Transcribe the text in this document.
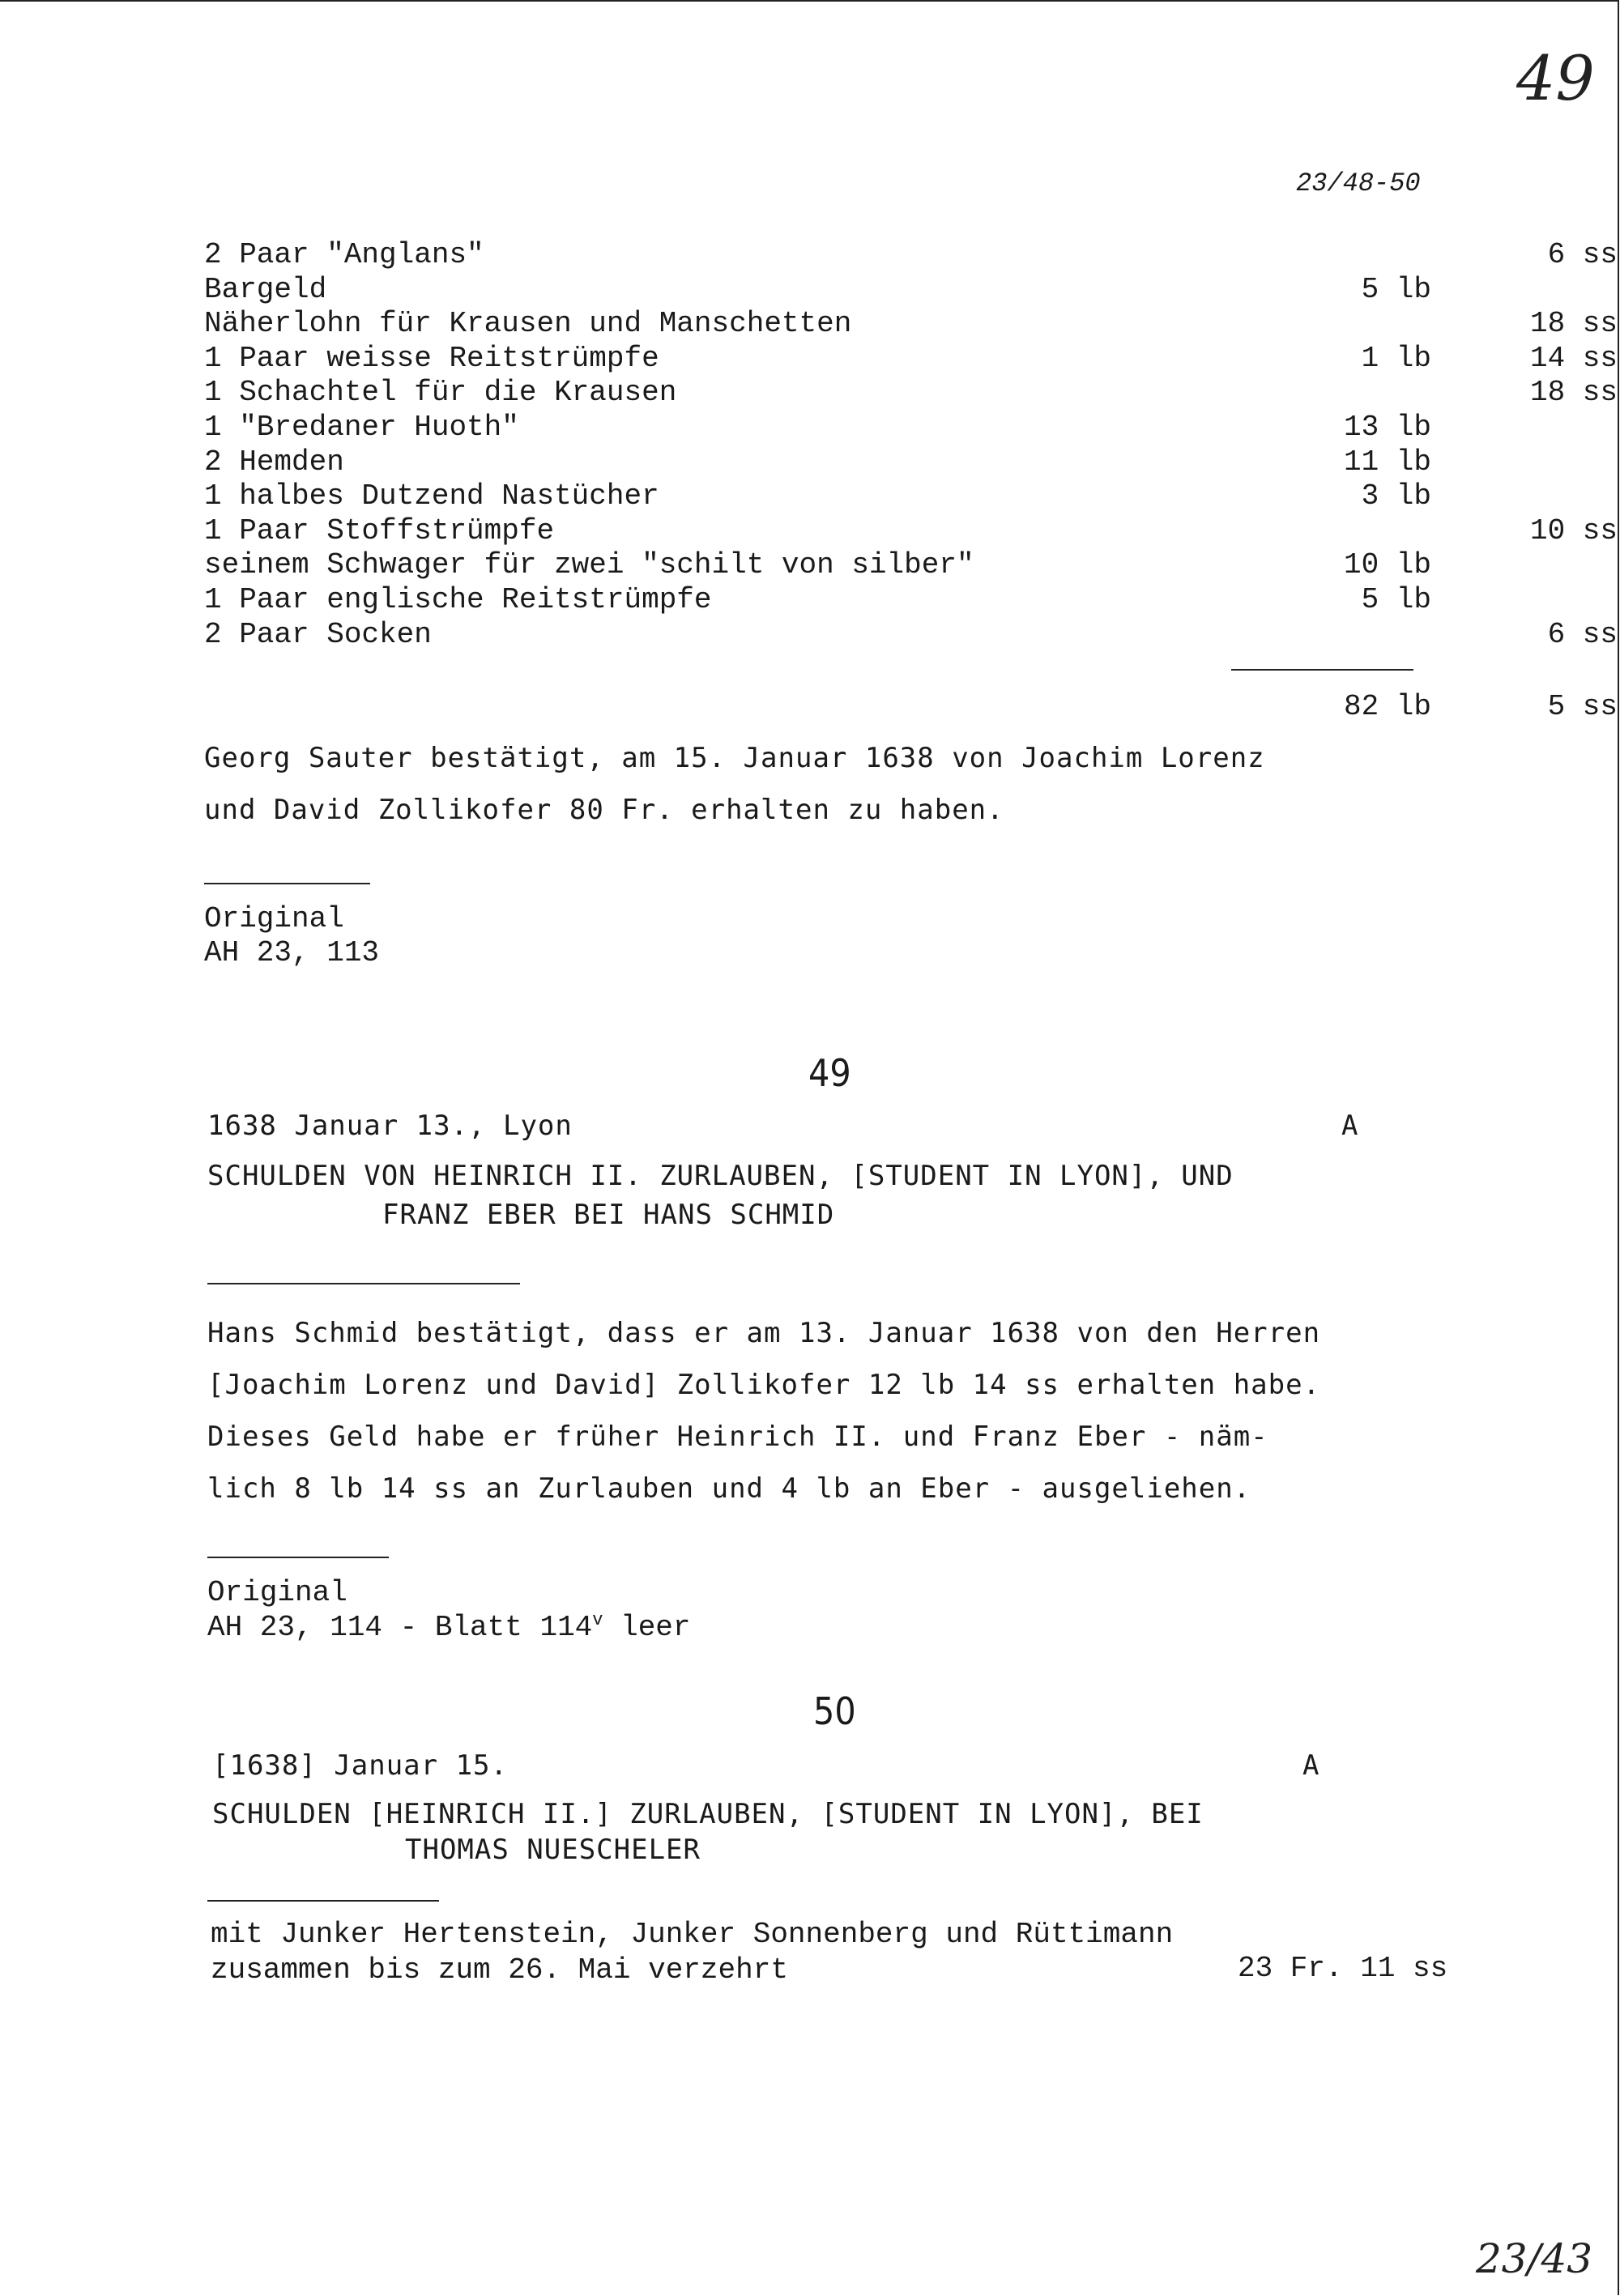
49
23/48-50
2 Paar "Anglans"	6 ss
Bargeld	5 lb
Näherlohn für Krausen und Manschetten	18 ss
1 Paar weisse Reitstrümpfe	1 lb	14 ss
1 Schachtel für die Krausen	18 ss
1 "Bredaner Huoth"	13 lb
2 Hemden	11 lb
1 halbes Dutzend Nastücher	3 lb
1 Paar Stoffstrümpfe	10 ss
seinem Schwager für zwei "schilt von silber"	10 lb
1 Paar englische Reitstrümpfe	5 lb
2 Paar Socken	6 ss
82 lb	5 ss
Georg Sauter bestätigt, am 15. Januar 1638 von Joachim Lorenz
und David Zollikofer 80 Fr. erhalten zu haben.
Original
AH 23, 113
49
1638 Januar 13., Lyon	A
SCHULDEN VON HEINRICH II. ZURLAUBEN, [STUDENT IN LYON], UND
FRANZ EBER BEI HANS SCHMID
Hans Schmid bestätigt, dass er am 13. Januar 1638 von den Herren
[Joachim Lorenz und David] Zollikofer 12 lb 14 ss erhalten habe.
Dieses Geld habe er früher Heinrich II. und Franz Eber - näm-
lich 8 lb 14 ss an Zurlauben und 4 lb an Eber - ausgeliehen.
Original
AH 23, 114 - Blatt 114$^v$ leer
50
[1638] Januar 15.	A
SCHULDEN [HEINRICH II.] ZURLAUBEN, [STUDENT IN LYON], BEI
THOMAS NUESCHELER
mit Junker Hertenstein, Junker Sonnenberg und Rüttimann
zusammen bis zum 26. Mai verzehrt	23 Fr. 11 ss
23/43
